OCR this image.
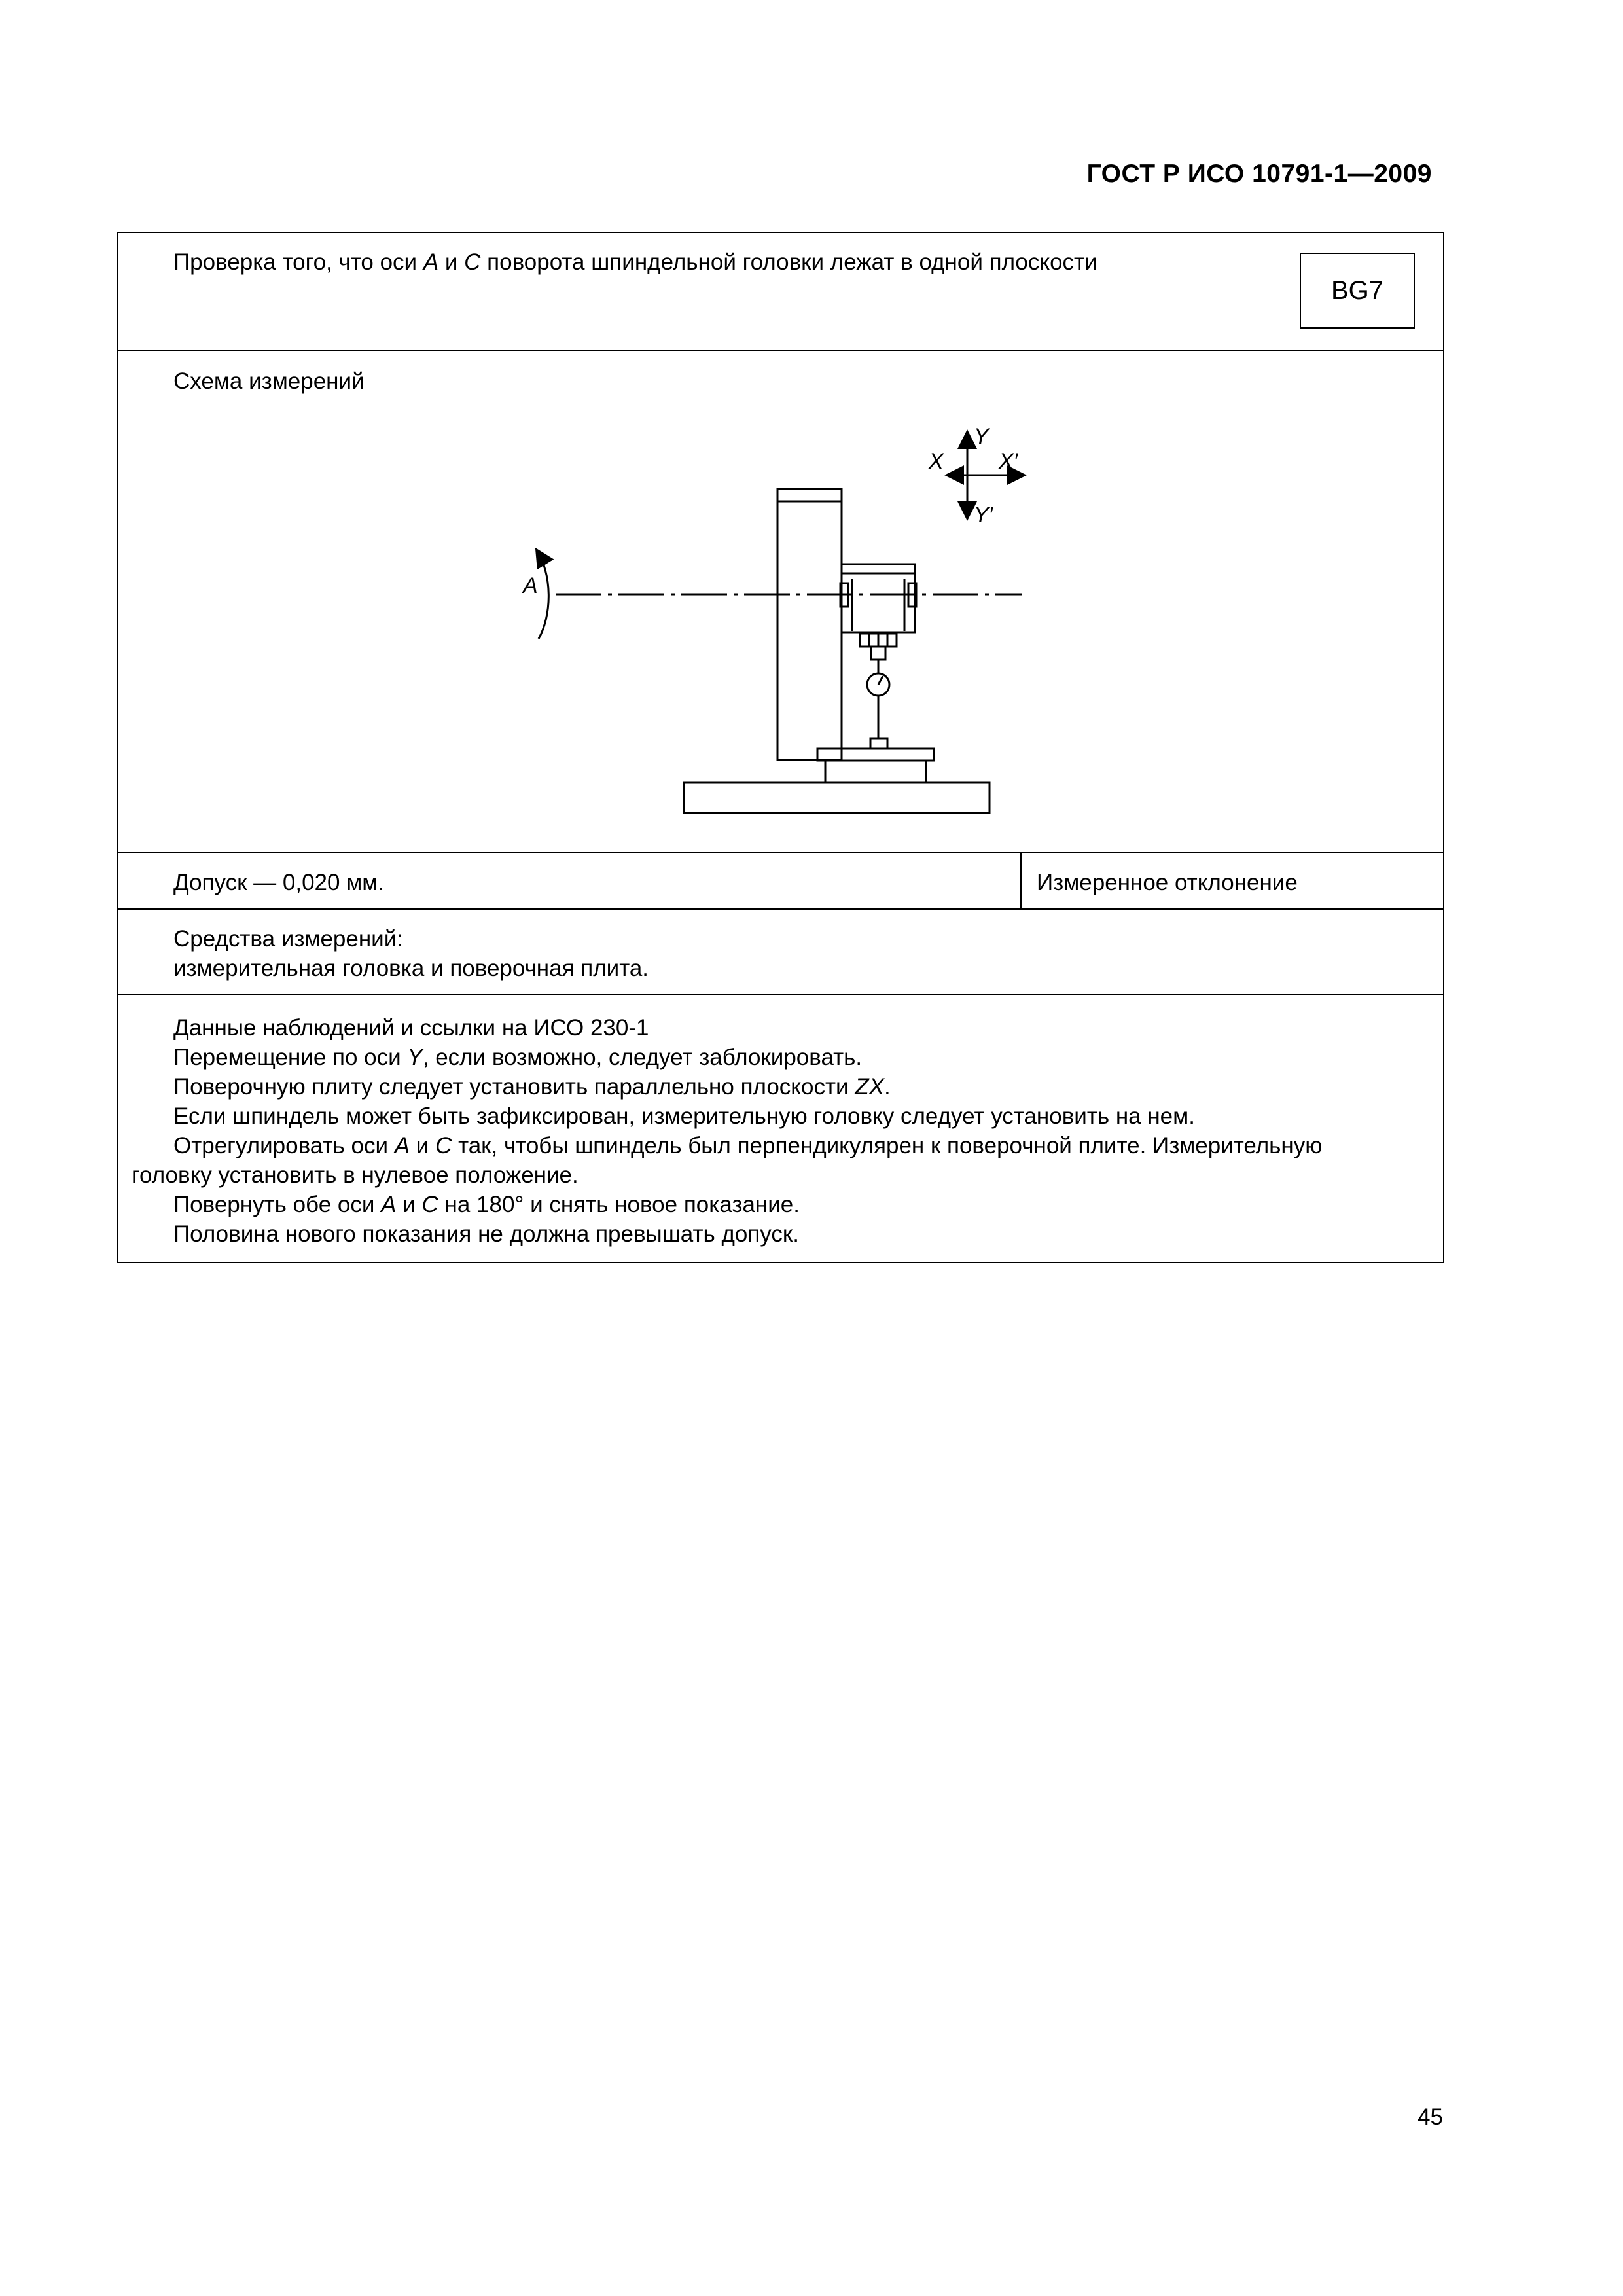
ГОСТ Р ИСО 10791-1—2009
Проверка того, что оси A и C поворота шпиндельной головки лежат в одной плоскости
BG7
Схема измерений
X X′
Y
Y′
A
Допуск — 0,020 мм.	Измеренное отклонение
Средства измерений:
измерительная головка и поверочная плита.

Данные наблюдений и ссылки на ИСО 230-1

Перемещение по оси Y, если возможно, следует заблокировать.

Поверочную плиту следует установить параллельно плоскости ZX.

Если шпиндель может быть зафиксирован, измерительную головку следует установить на нем.

Отрегулировать оси A и C так, чтобы шпиндель был перпендикулярен к поверочной плите. Измерительную

головку установить в нулевое положение.

Повернуть обе оси A и C на 180° и снять новое показание.

Половина нового показания не должна превышать допуск.

45
